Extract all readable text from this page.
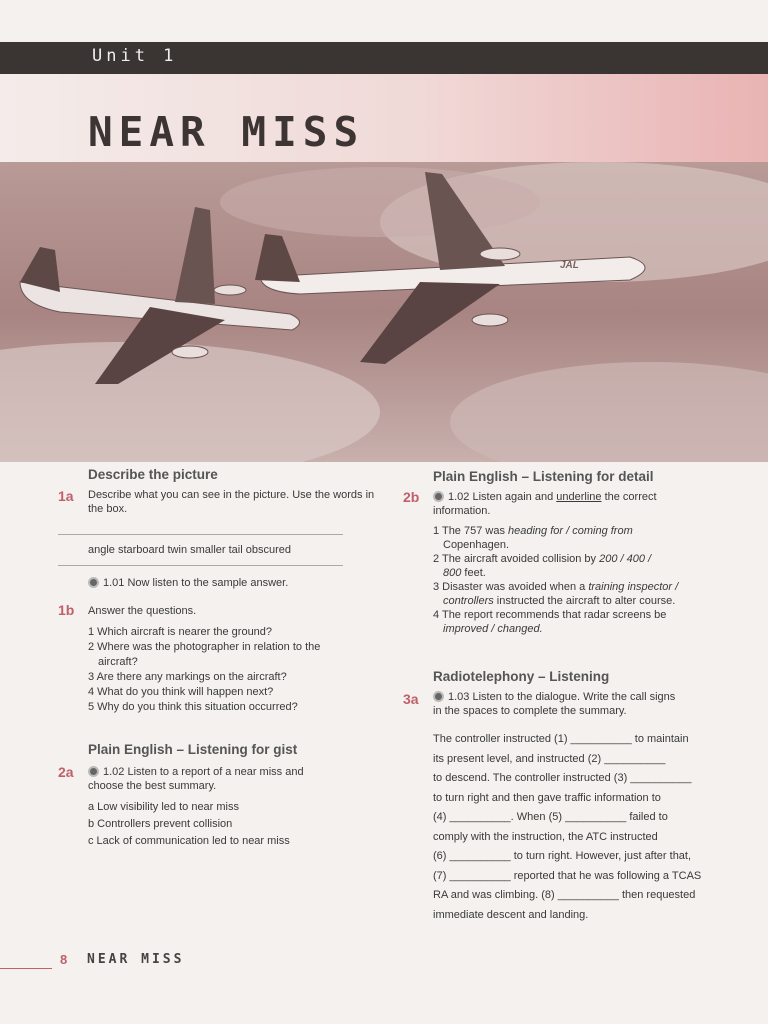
Unit 1
NEAR MISS
JAL
Describe the picture
Describe what you can see in the picture. Use the words in the box.
angle starboard twin smaller tail obscured
1.01 Now listen to the sample answer.
1a
1b Answer the questions.
1 Which aircraft is nearer the ground?
2 Where was the photographer in relation to the
aircraft?
3 Are there any markings on the aircraft?
4 What do you think will happen next?
5 Why do you think this situation occurred?
Plain English – Listening for gist
1.02 Listen to a report of a near miss and
choose the best summary.
a Low visibility led to near miss
b Controllers prevent collision
c Lack of communication led to near miss
2a
Plain English – Listening for detail
1.02 Listen again and underline the correct
information.
1 The 757 was heading for / coming from
Copenhagen.
2 The aircraft avoided collision by 200 / 400 /
800 feet.
3 Disaster was avoided when a training inspector /
controllers instructed the aircraft to alter course.
4 The report recommends that radar screens be
improved / changed.
2b
Radiotelephony – Listening
1.03 Listen to the dialogue. Write the call signs
in the spaces to complete the summary.

The controller instructed (1) __________ to maintain

its present level, and instructed (2) __________

to descend. The controller instructed (3) __________

to turn right and then gave traffic information to

(4) __________. When (5) __________ failed to

comply with the instruction, the ATC instructed

(6) __________ to turn right. However, just after that,

(7) __________ reported that he was following a TCAS

RA and was climbing. (8) __________ then requested

immediate descent and landing.

3a
8 NEAR MISS
